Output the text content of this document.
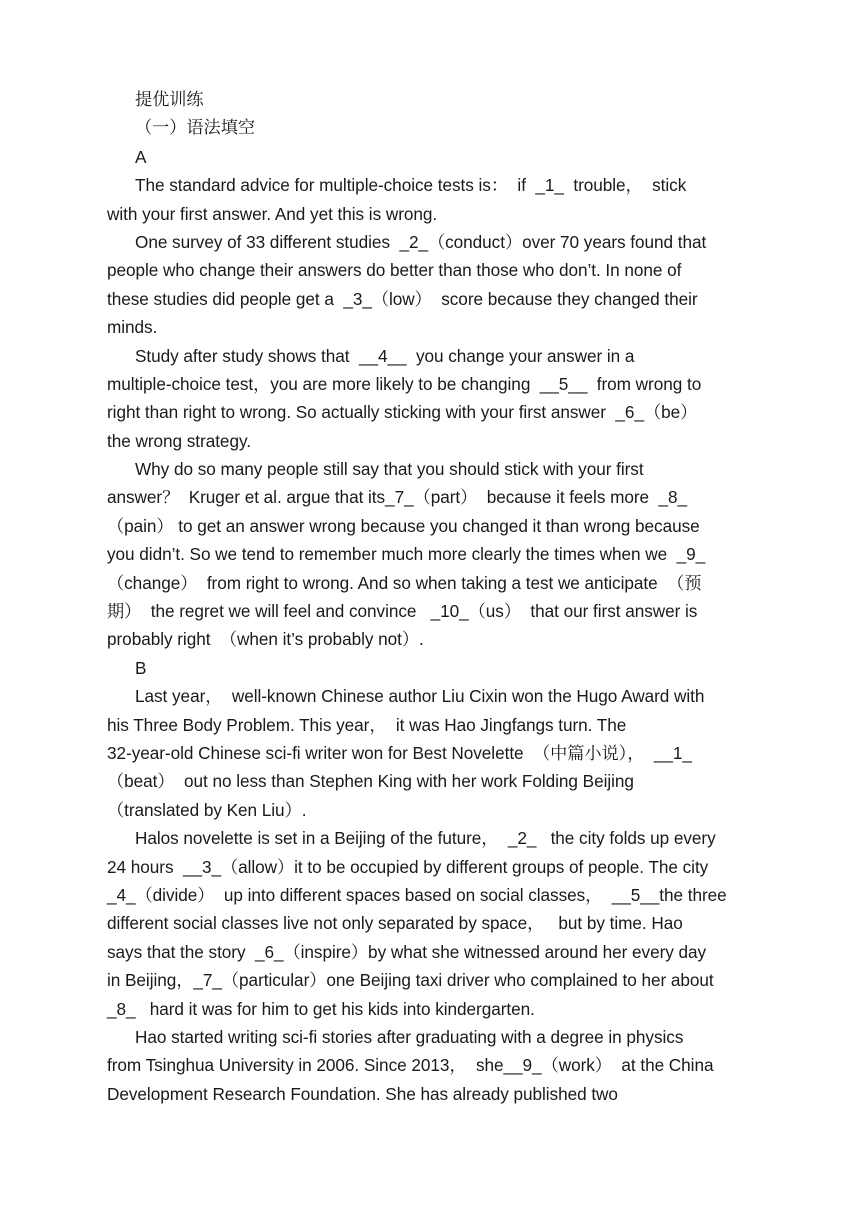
提优训练
（一）语法填空
A
The standard advice for multiple-choice tests is：  if  _1_  trouble，  stick
with your first answer. And yet this is wrong.
One survey of 33 different studies  _2_（conduct）over 70 years found that
people who change their answers do better than those who don’t. In none of
these studies did people get a  _3_（low）  score because they changed their
minds.
Study after study shows that  __4__  you change your answer in a
multiple-choice test，you are more likely to be changing  __5__  from wrong to
right than right to wrong. So actually sticking with your first answer  _6_（be）
the wrong strategy.
Why do so many people still say that you should stick with your first
answer？  Kruger et al. argue that its_7_（part）  because it feels more  _8_
（pain） to get an answer wrong because you changed it than wrong because
you didn’t. So we tend to remember much more clearly the times when we  _9_
（change）  from right to wrong. And so when taking a test we anticipate  （预
期）  the regret we will feel and convince   _10_（us）  that our first answer is
probably right  （when it’s probably not）.
B
Last year，  well-known Chinese author Liu Cixin won the Hugo Award with
his Three Body Problem. This year，  it was Hao Jingfangs turn. The
32-year-old Chinese sci-fi writer won for Best Novelette  （中篇小说），  __1_
（beat）  out no less than Stephen King with her work Folding Beijing
（translated by Ken Liu）.
Halos novelette is set in a Beijing of the future，  _2_   the city folds up every
24 hours  __3_（allow）it to be occupied by different groups of people. The city
_4_（divide）  up into different spaces based on social classes，  __5__the three
different social classes live not only separated by space，   but by time. Hao
says that the story  _6_（inspire）by what she witnessed around her every day
in Beijing，_7_（particular）one Beijing taxi driver who complained to her about
_8_   hard it was for him to get his kids into kindergarten.
Hao started writing sci-fi stories after graduating with a degree in physics
from Tsinghua University in 2006. Since 2013，  she__9_（work）  at the China
Development Research Foundation. She has already published two
